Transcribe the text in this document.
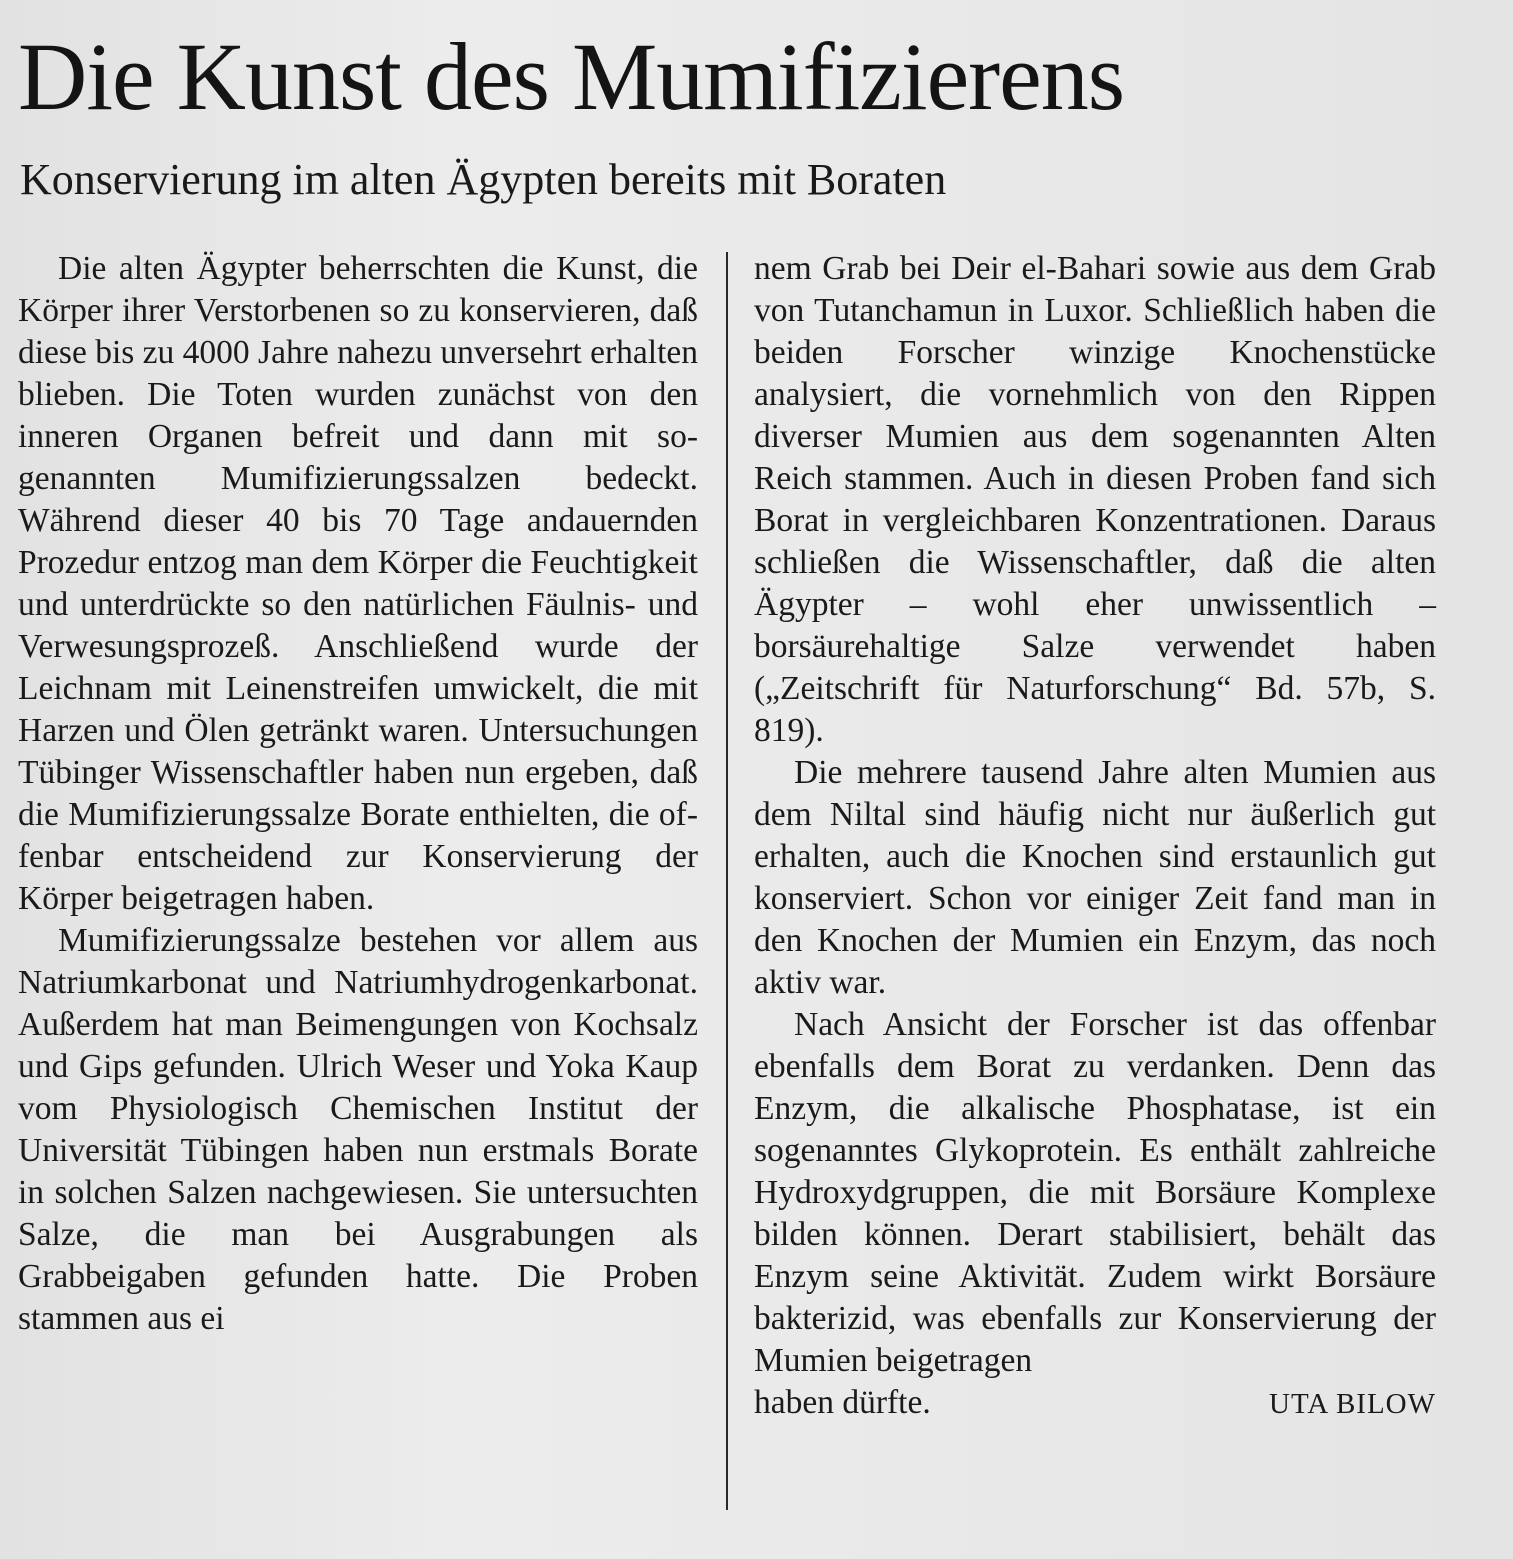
Die Kunst des Mumifizierens
Konservierung im alten Ägypten bereits mit Boraten

Die alten Ägypter beherrschten die Kunst, die Körper ihrer Verstorbenen so zu konservieren, daß diese bis zu 4000 Jahre nahezu unversehrt erhalten blieben. Die Toten wurden zunächst von den inneren Organen befreit und dann mit sogenannten Mumifizierungssalzen bedeckt. Während dieser 40 bis 70 Tage andauernden Prozedur entzog man dem Körper die Feuchtigkeit und unterdrückte so den natürlichen Fäulnis- und Verwesungsprozeß. Anschließend wurde der Leichnam mit Leinenstreifen umwickelt, die mit Harzen und Ölen getränkt waren. Untersuchungen Tübinger Wissenschaftler haben nun ergeben, daß die Mumifizierungssalze Borate enthielten, die offenbar entscheidend zur Konservierung der Körper beigetragen haben.

Mumifizierungssalze bestehen vor allem aus Natriumkarbonat und Natriumhydrogenkarbonat. Außerdem hat man Beimengungen von Kochsalz und Gips gefunden. Ulrich Weser und Yoka Kaup vom Physiologisch Chemischen Institut der Universität Tübingen haben nun erstmals Borate in solchen Salzen nachgewiesen. Sie untersuchten Salze, die man bei Ausgrabungen als Grabbeigaben gefunden hatte. Die Proben stammen aus ei

nem Grab bei Deir el-Bahari sowie aus dem Grab von Tutanchamun in Luxor. Schließlich haben die beiden Forscher winzige Knochenstücke analysiert, die vornehmlich von den Rippen diverser Mumien aus dem sogenannten Alten Reich stammen. Auch in diesen Proben fand sich Borat in vergleichbaren Konzentrationen. Daraus schließen die Wissenschaftler, daß die alten Ägypter – wohl eher unwissentlich – borsäurehaltige Salze verwendet haben („Zeitschrift für Naturforschung“ Bd. 57b, S. 819).

Die mehrere tausend Jahre alten Mumien aus dem Niltal sind häufig nicht nur äußerlich gut erhalten, auch die Knochen sind erstaunlich gut konserviert. Schon vor einiger Zeit fand man in den Knochen der Mumien ein Enzym, das noch aktiv war.

Nach Ansicht der Forscher ist das offenbar ebenfalls dem Borat zu verdanken. Denn das Enzym, die alkalische Phosphatase, ist ein sogenanntes Glykoprotein. Es enthält zahlreiche Hydroxydgruppen, die mit Borsäure Komplexe bilden können. Derart stabilisiert, behält das Enzym seine Aktivität. Zudem wirkt Borsäure bakterizid, was ebenfalls zur Konservierung der Mumien beigetragen

haben dürfte.	UTA BILOW
